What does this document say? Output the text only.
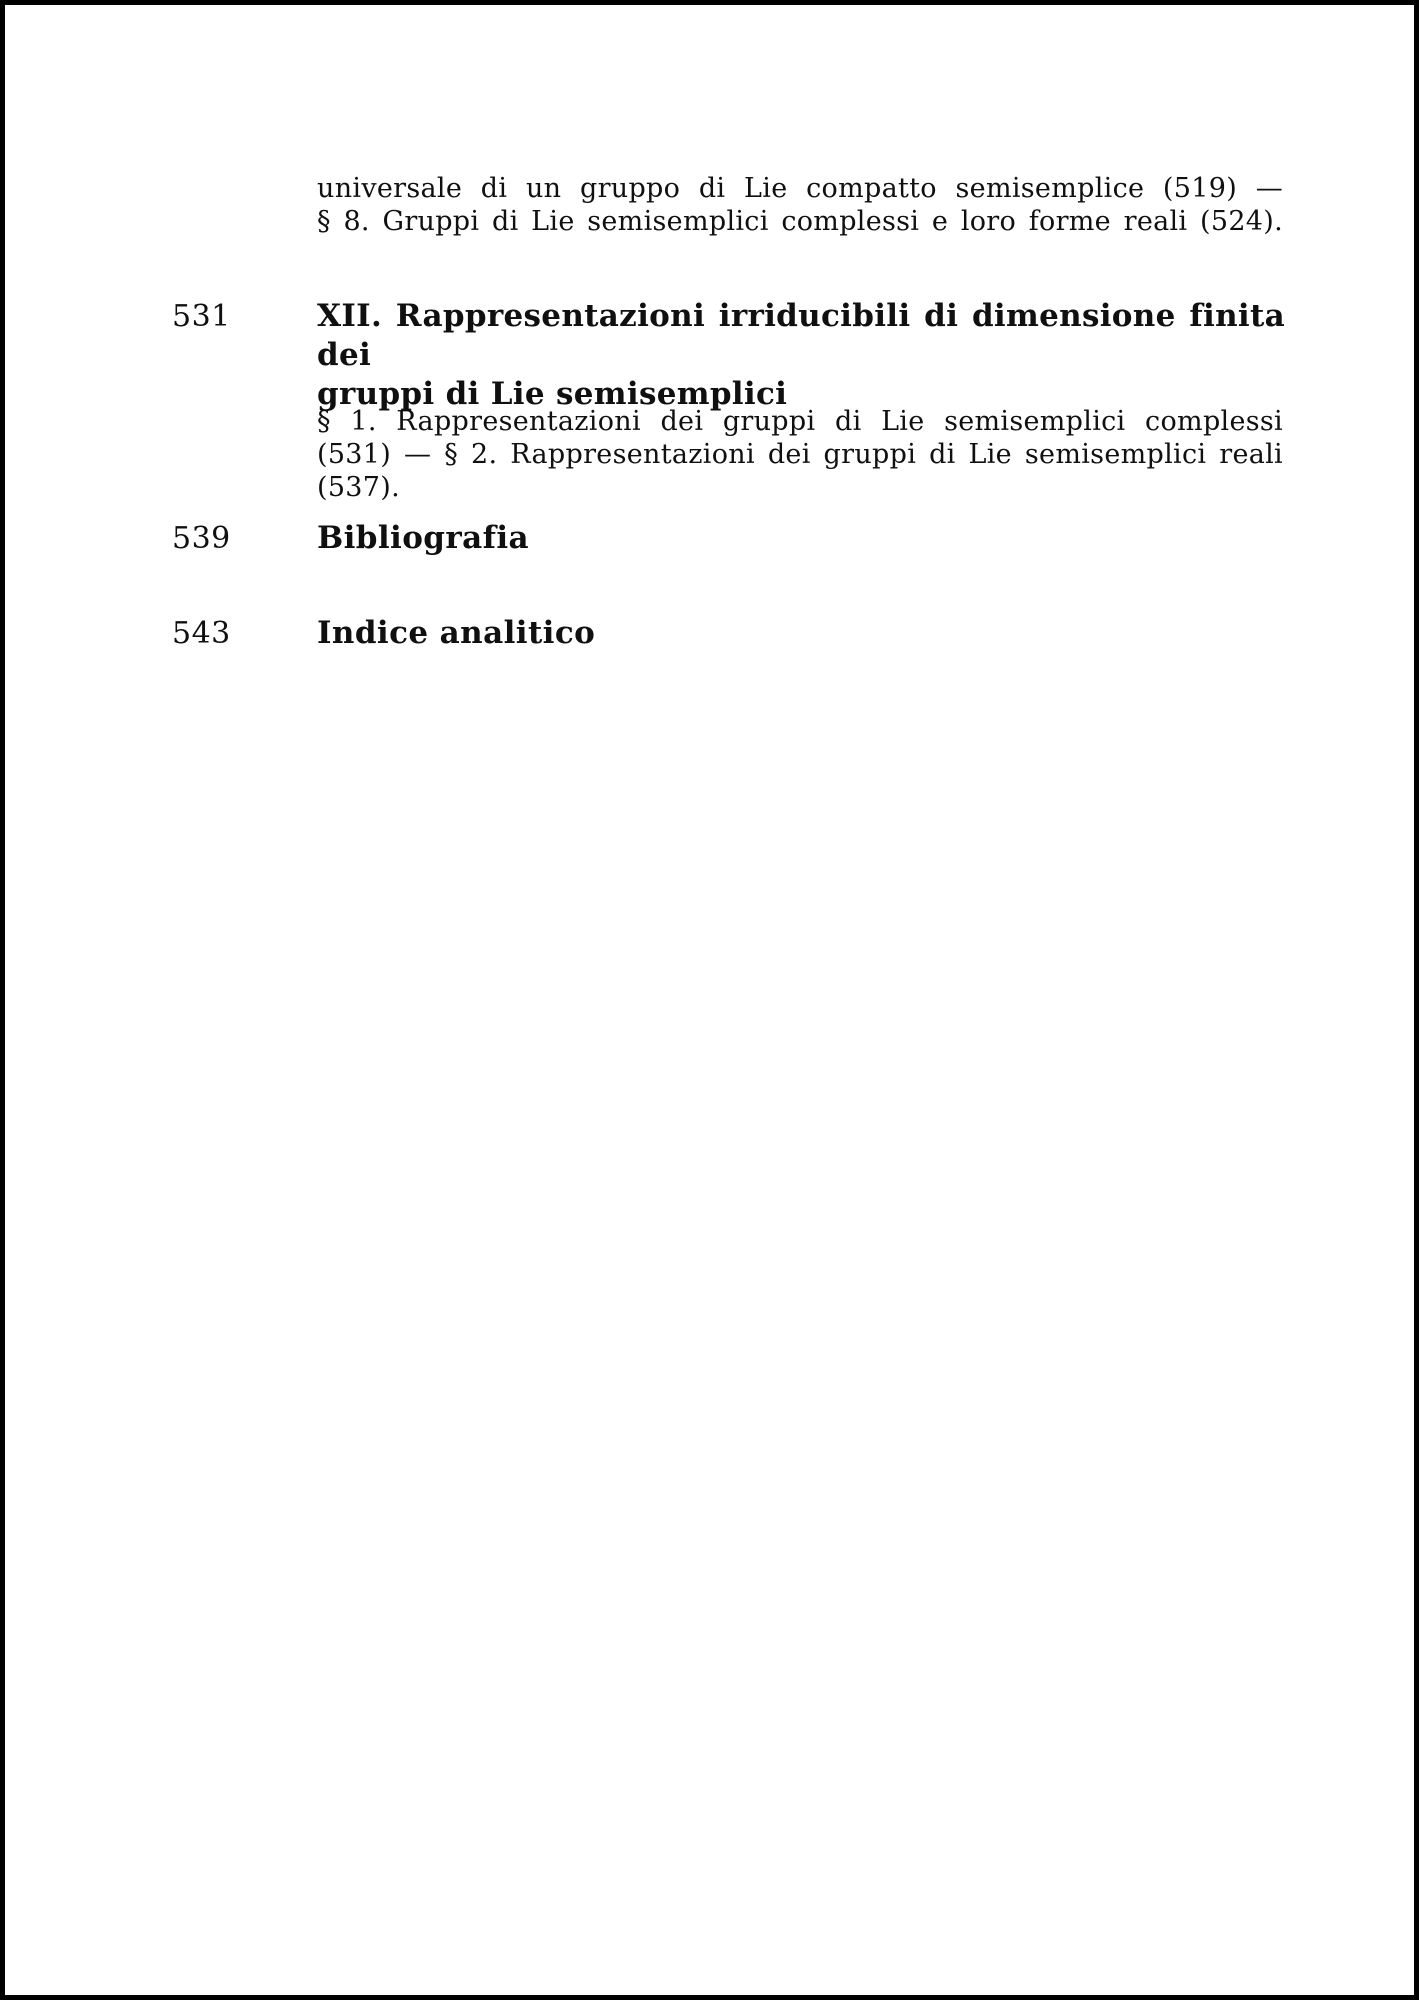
universale di un gruppo di Lie compatto semisemplice (519) —
§ 8. Gruppi di Lie semisemplici complessi e loro forme reali (524).
531	XII. Rappresentazioni irriducibili di dimensione finita dei
gruppi di Lie semisemplici
§ 1. Rappresentazioni dei gruppi di Lie semisemplici complessi
(531) — § 2. Rappresentazioni dei gruppi di Lie semisemplici reali (537).
539	Bibliografia
543	Indice analitico
